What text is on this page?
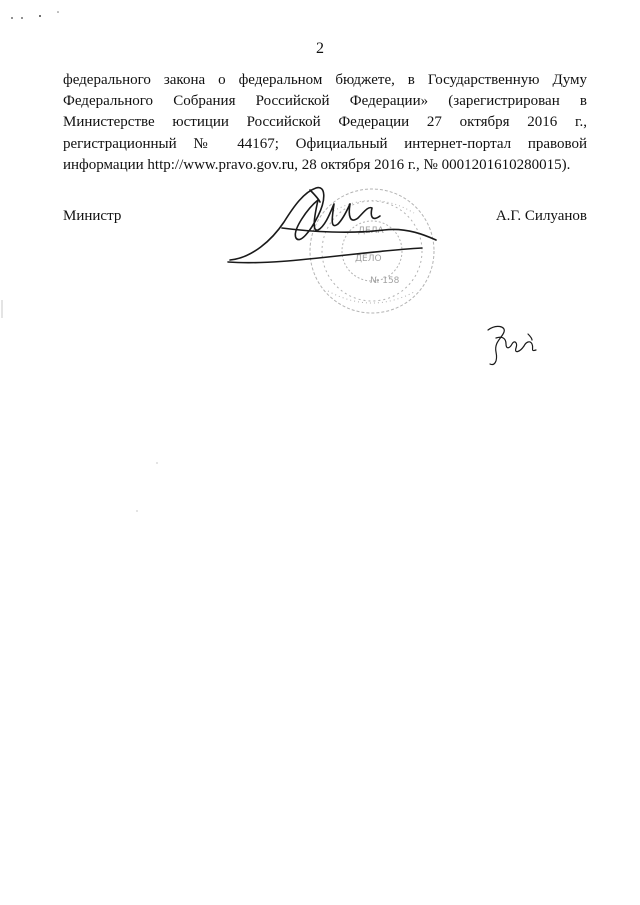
2
федерального закона о федеральном бюджете, в Государственную Думу
Федерального Собрания Российской Федерации» (зарегистрирован в
Министерстве юстиции Российской Федерации 27 октября 2016 г.,
регистрационный № 44167; Официальный интернет-портал правовой
информации http://www.pravo.gov.ru, 28 октября 2016 г., № 0001201610280015).
ДЕЛА
ДЕЛО
№ 158
Министр	А.Г. Силуанов
